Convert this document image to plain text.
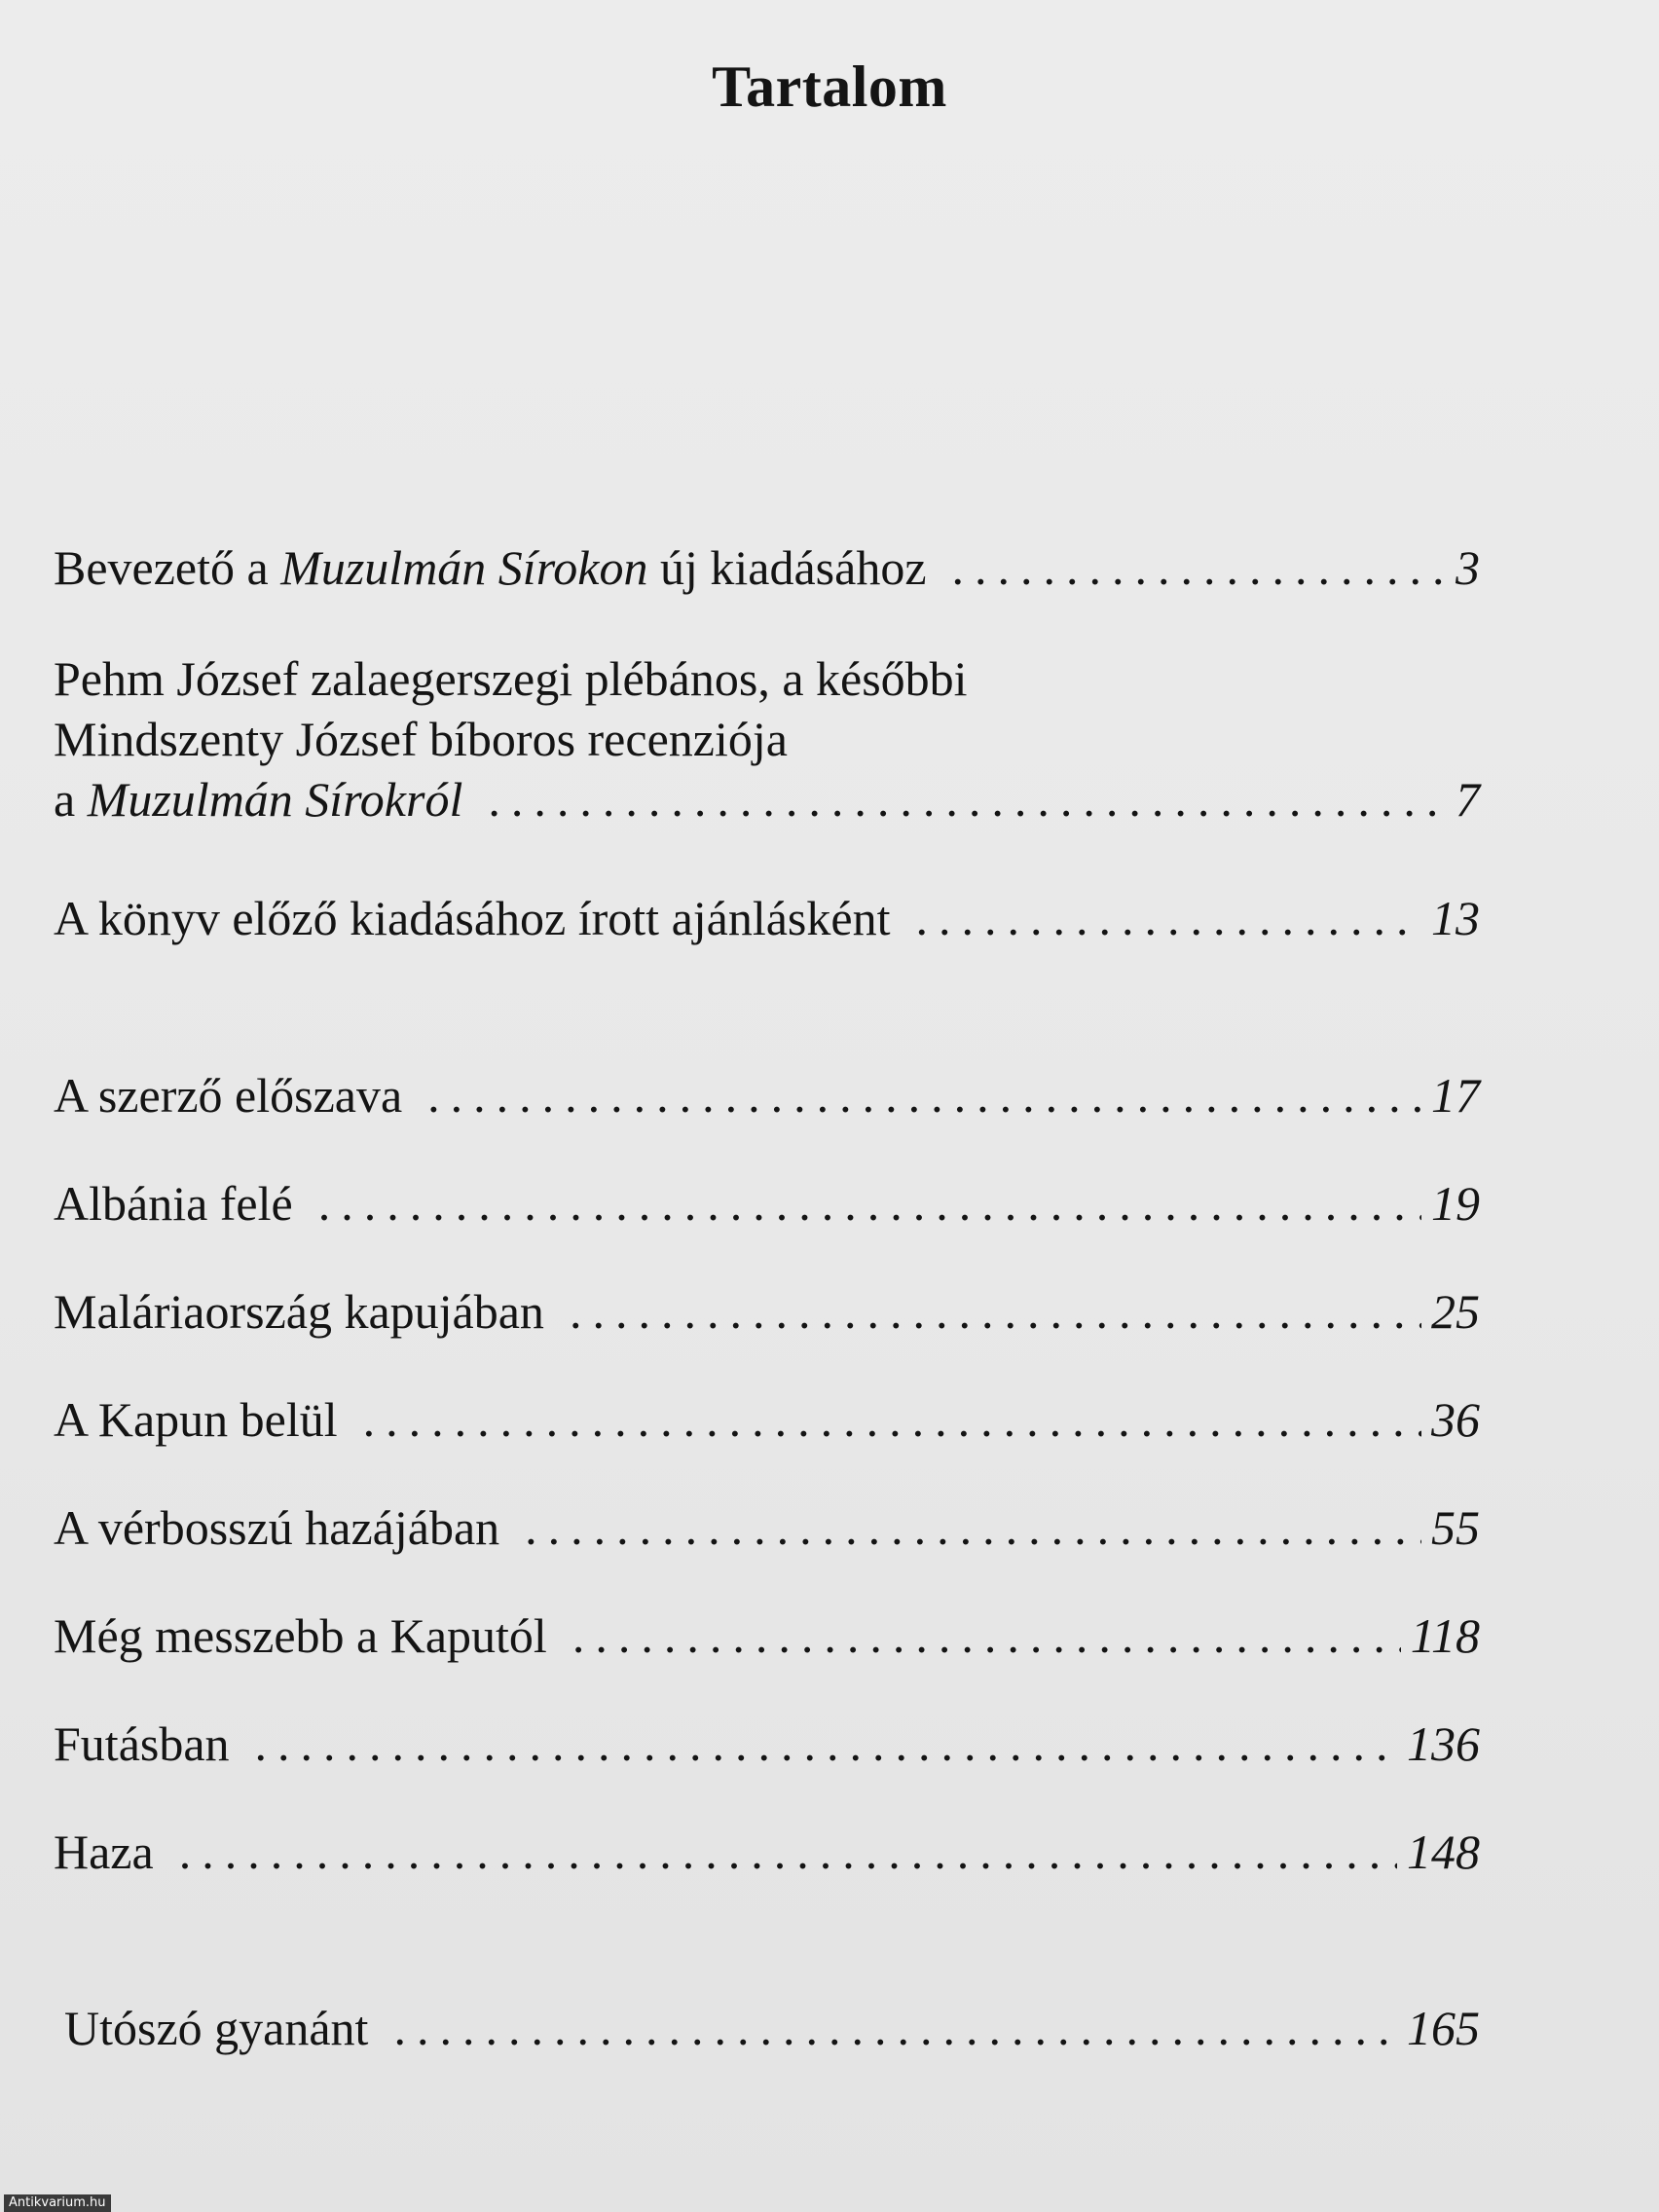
Tartalom
Bevezető a Muzulmán Sírokon új kiadásához .....	3
Pehm József zalaegerszegi plébános, a későbbi
Mindszenty József bíboros recenziója
a Muzulmán Sírokról .....	7
A könyv előző kiadásához írott ajánlásként .....	13
A szerző előszava .....	17
Albánia felé .....	19
Maláriaország kapujában .....	25
A Kapun belül .....	36
A vérbosszú hazájában .....	55
Még messzebb a Kaputól .....	118
Futásban .....	136
Haza .....	148
Utószó gyanánt .....	165
Antikvarium.hu
